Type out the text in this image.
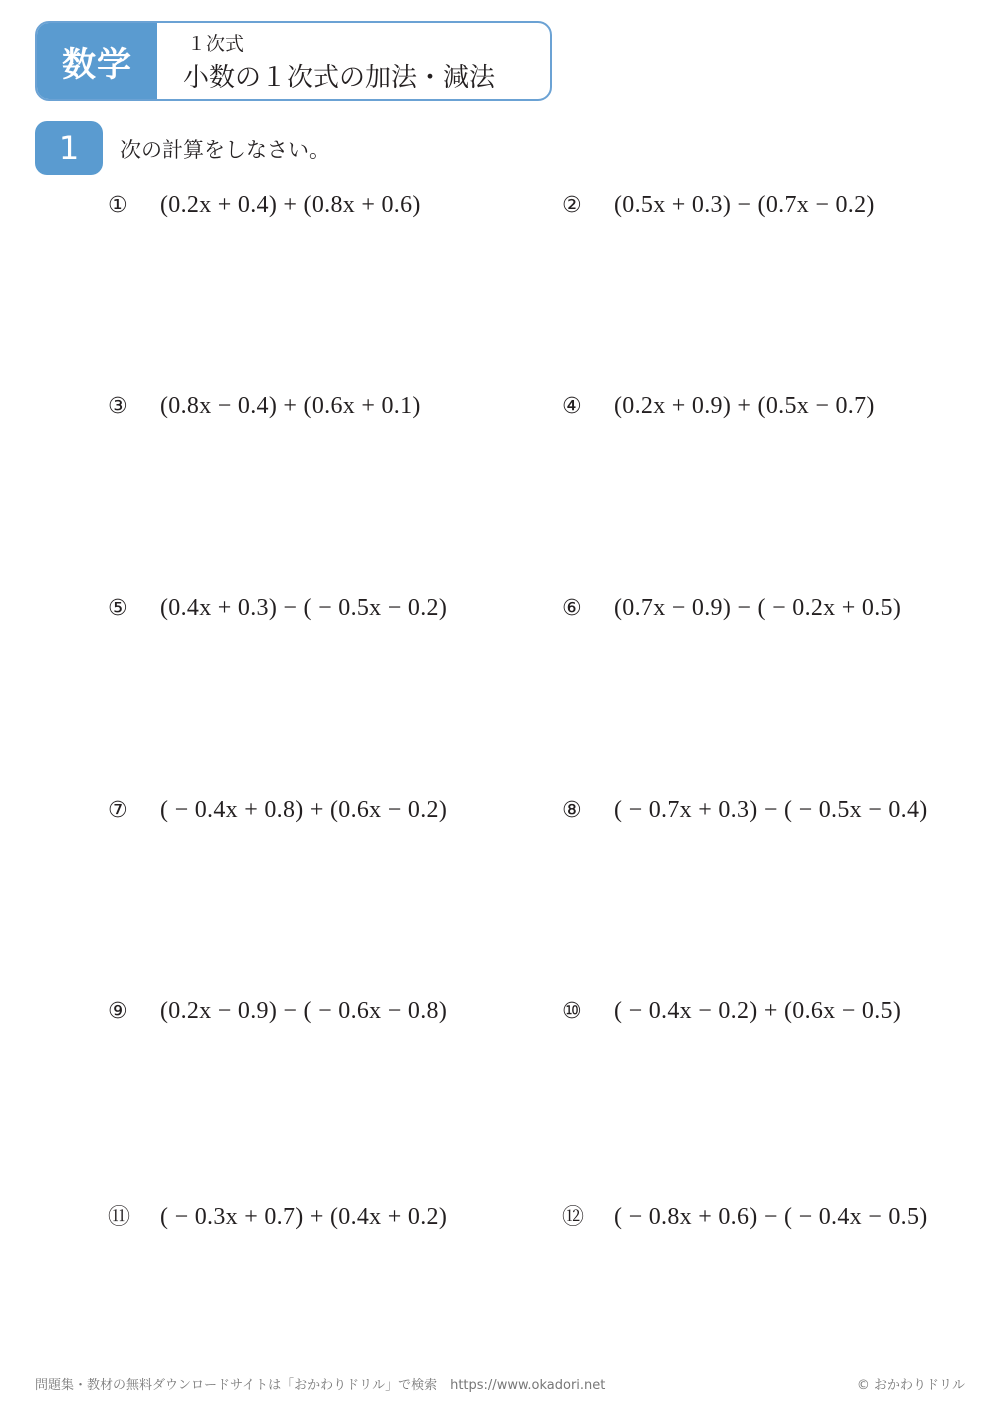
数学
１次式
小数の１次式の加法・減法
1	次の計算をしなさい。
①	(0.2x + 0.4) + (0.8x + 0.6)	②	(0.5x + 0.3) − (0.7x − 0.2)
③	(0.8x − 0.4) + (0.6x + 0.1)	④	(0.2x + 0.9) + (0.5x − 0.7)
⑤	(0.4x + 0.3) − ( − 0.5x − 0.2)	⑥	(0.7x − 0.9) − ( − 0.2x + 0.5)
⑦	( − 0.4x + 0.8) + (0.6x − 0.2)	⑧	( − 0.7x + 0.3) − ( − 0.5x − 0.4)
⑨	(0.2x − 0.9) − ( − 0.6x − 0.8)	⑩	( − 0.4x − 0.2) + (0.6x − 0.5)
⑪	( − 0.3x + 0.7) + (0.4x + 0.2)	⑫	( − 0.8x + 0.6) − ( − 0.4x − 0.5)
問題集・教材の無料ダウンロードサイトは「おかわりドリル」で検索　https://www.okadori.net	© おかわりドリル
